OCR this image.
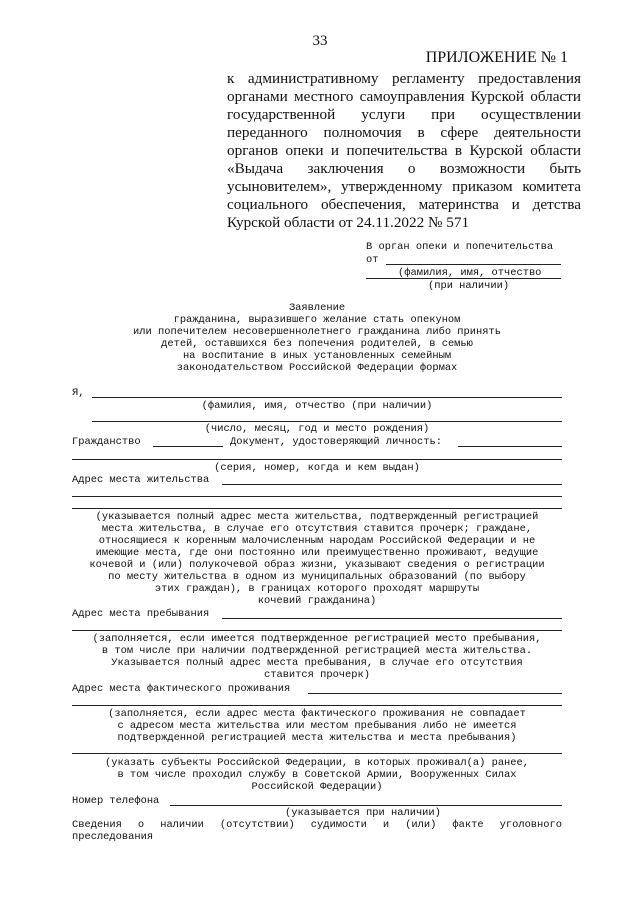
33
ПРИЛОЖЕНИЕ № 1
к административному регламенту предоставления
органами местного самоуправления Курской области
государственной услуги при осуществлении
переданного полномочия в сфере деятельности
органов опеки и попечительства в Курской области
«Выдача заключения о возможности быть
усыновителем», утвержденному приказом комитета
социального обеспечения, материнства и детства
Курской области от 24.11.2022 № 571
В орган опеки и попечительства
от
(фамилия, имя, отчество
(при наличии)
Заявление
гражданина, выразившего желание стать опекуном
или попечителем несовершеннолетнего гражданина либо принять
детей, оставшихся без попечения родителей, в семью
на воспитание в иных установленных семейным
законодательством Российской Федерации формах
Я,
(фамилия, имя, отчество (при наличии)
(число, месяц, год и место рождения)
Гражданство	Документ, удостоверяющий личность:
(серия, номер, когда и кем выдан)
Адрес места жительства
(указывается полный адрес места жительства, подтвержденный регистрацией
места жительства, в случае его отсутствия ставится прочерк; граждане,
относящиеся к коренным малочисленным народам Российской Федерации и не
имеющие места, где они постоянно или преимущественно проживают, ведущие
кочевой и (или) полукочевой образ жизни, указывают сведения о регистрации
по месту жительства в одном из муниципальных образований (по выбору
этих граждан), в границах которого проходят маршруты
кочевий гражданина)
Адрес места пребывания
(заполняется, если имеется подтвержденное регистрацией место пребывания,
в том числе при наличии подтвержденной регистрацией места жительства.
Указывается полный адрес места пребывания, в случае его отсутствия
ставится прочерк)
Адрес места фактического проживания
(заполняется, если адрес места фактического проживания не совпадает
с адресом места жительства или местом пребывания либо не имеется
подтвержденной регистрацией места жительства и места пребывания)
(указать субъекты Российской Федерации, в которых проживал(а) ранее,
в том числе проходил службу в Советской Армии, Вооруженных Силах
Российской Федерации)
Номер телефона
(указывается при наличии)
Сведения о наличии (отсутствии) судимости и (или) факте уголовного
преследования
